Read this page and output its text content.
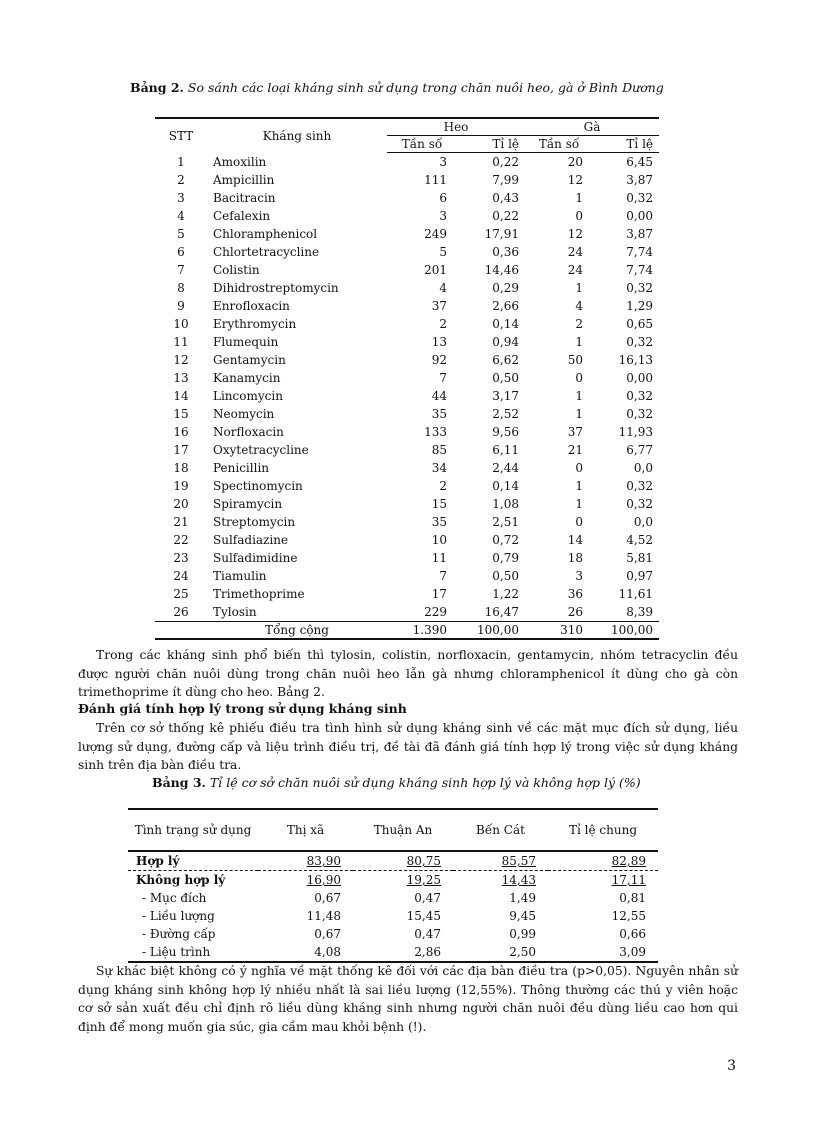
Bảng 2. So sánh các loại kháng sinh sử dụng trong chăn nuôi heo, gà ở Bình Dương
STT	Kháng sinh	Heo		Gà	
		Tần số	Tỉ lệ	Tần số	Tỉ lệ
1	Amoxilin	3	0,22	20	6,45
2	Ampicillin	111	7,99	12	3,87
3	Bacitracin	6	0,43	1	0,32
4	Cefalexin	3	0,22	0	0,00
5	Chloramphenicol	249	17,91	12	3,87
6	Chlortetracycline	5	0,36	24	7,74
7	Colistin	201	14,46	24	7,74
8	Dihidrostreptomycin	4	0,29	1	0,32
9	Enrofloxacin	37	2,66	4	1,29
10	Erythromycin	2	0,14	2	0,65
11	Flumequin	13	0,94	1	0,32
12	Gentamycin	92	6,62	50	16,13
13	Kanamycin	7	0,50	0	0,00
14	Lincomycin	44	3,17	1	0,32
15	Neomycin	35	2,52	1	0,32
16	Norfloxacin	133	9,56	37	11,93
17	Oxytetracycline	85	6,11	21	6,77
18	Penicillin	34	2,44	0	0,0
19	Spectinomycin	2	0,14	1	0,32
20	Spiramycin	15	1,08	1	0,32
21	Streptomycin	35	2,51	0	0,0
22	Sulfadiazine	10	0,72	14	4,52
23	Sulfadimidine	11	0,79	18	5,81
24	Tiamulin	7	0,50	3	0,97
25	Trimethoprime	17	1,22	36	11,61
26	Tylosin	229	16,47	26	8,39
	Tổng cộng	1.390	100,00	310	100,00
Trong các kháng sinh phổ biến thì tylosin, colistin, norfloxacin, gentamycin, nhóm tetracyclin đều được người chăn nuôi dùng trong chăn nuôi heo lẫn gà nhưng chloramphenicol ít dùng cho gà còn trimethoprime ít dùng cho heo. Bảng 2.
Đánh giá tính hợp lý trong sử dụng kháng sinh
Trên cơ sở thống kê phiếu điều tra tình hình sử dụng kháng sinh về các mặt mục đích sử dụng, liều lượng sử dụng, đường cấp và liệu trình điều trị, đề tài đã đánh giá tính hợp lý trong việc sử dụng kháng sinh trên địa bàn điều tra.
Bảng 3. Tỉ lệ cơ sở chăn nuôi sử dụng kháng sinh hợp lý và không hợp lý (%)
Tình trạng sử dụng	Thị xã	Thuận An	Bến Cát	Tỉ lệ chung
Hợp lý	83,90	80,75	85,57	82,89
Không hợp lý	16,90	19,25	14,43	17,11
- Mục đích	0,67	0,47	1,49	0,81
- Liều lượng	11,48	15,45	9,45	12,55
- Đường cấp	0,67	0,47	0,99	0,66
- Liệu trình	4,08	2,86	2,50	3,09
Sự khác biệt không có ý nghĩa về mặt thống kê đối với các địa bàn điều tra (p>0,05). Nguyên nhân sử dụng kháng sinh không hợp lý nhiều nhất là sai liều lượng (12,55%). Thông thường các thú y viên hoặc cơ sở sản xuất đều chỉ định rõ liều dùng kháng sinh nhưng người chăn nuôi đều dùng liều cao hơn qui định để mong muốn gia súc, gia cầm mau khỏi bệnh (!).
3
